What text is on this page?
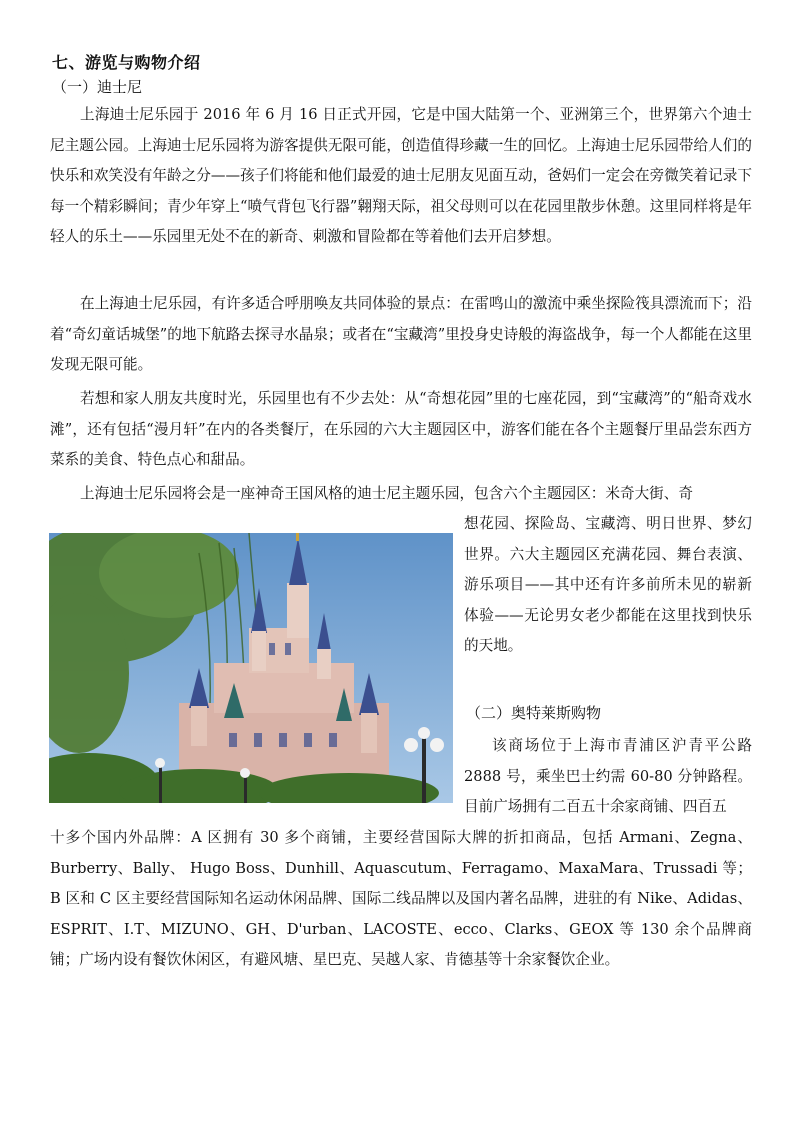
七、游览与购物介绍
（一）迪士尼

上海迪士尼乐园于 2016 年 6 月 16 日正式开园，它是中国大陆第一个、亚洲第三个，世界第六个迪士尼主题公园。上海迪士尼乐园将为游客提供无限可能，创造值得珍藏一生的回忆。上海迪士尼乐园带给人们的快乐和欢笑没有年龄之分——孩子们将能和他们最爱的迪士尼朋友见面互动，爸妈们一定会在旁微笑着记录下每一个精彩瞬间；青少年穿上“喷气背包飞行器”翱翔天际，祖父母则可以在花园里散步休憩。这里同样将是年轻人的乐土——乐园里无处不在的新奇、刺激和冒险都在等着他们去开启梦想。

在上海迪士尼乐园，有许多适合呼朋唤友共同体验的景点：在雷鸣山的激流中乘坐探险筏具漂流而下；沿着“奇幻童话城堡”的地下航路去探寻水晶泉；或者在“宝藏湾”里投身史诗般的海盗战争，每一个人都能在这里发现无限可能。

若想和家人朋友共度时光，乐园里也有不少去处：从“奇想花园”里的七座花园，到“宝藏湾”的“船奇戏水滩”，还有包括“漫月轩”在内的各类餐厅，在乐园的六大主题园区中，游客们能在各个主题餐厅里品尝东西方菜系的美食、特色点心和甜品。

上海迪士尼乐园将会是一座神奇王国风格的迪士尼主题乐园，包含六个主题园区：米奇大街、奇

想花园、探险岛、宝藏湾、明日世界、梦幻世界。六大主题园区充满花园、舞台表演、游乐项目——其中还有许多前所未见的崭新体验——无论男女老少都能在这里找到快乐的天地。

（二）奥特莱斯购物

该商场位于上海市青浦区沪青平公路 2888 号，乘坐巴士约需 60-80 分钟路程。目前广场拥有二百五十余家商铺、四百五

十多个国内外品牌：A 区拥有 30 多个商铺，主要经营国际大牌的折扣商品，包括 Armani、Zegna、Burberry、Bally、 Hugo Boss、Dunhill、Aquascutum、Ferragamo、MaxaMara、Trussadi 等；B 区和 C 区主要经营国际知名运动休闲品牌、国际二线品牌以及国内著名品牌，进驻的有 Nike、Adidas、ESPRIT、I.T、MIZUNO、GH、D'urban、LACOSTE、ecco、Clarks、GEOX 等 130 余个品牌商铺；广场内设有餐饮休闲区，有避风塘、星巴克、吴越人家、肯德基等十余家餐饮企业。
